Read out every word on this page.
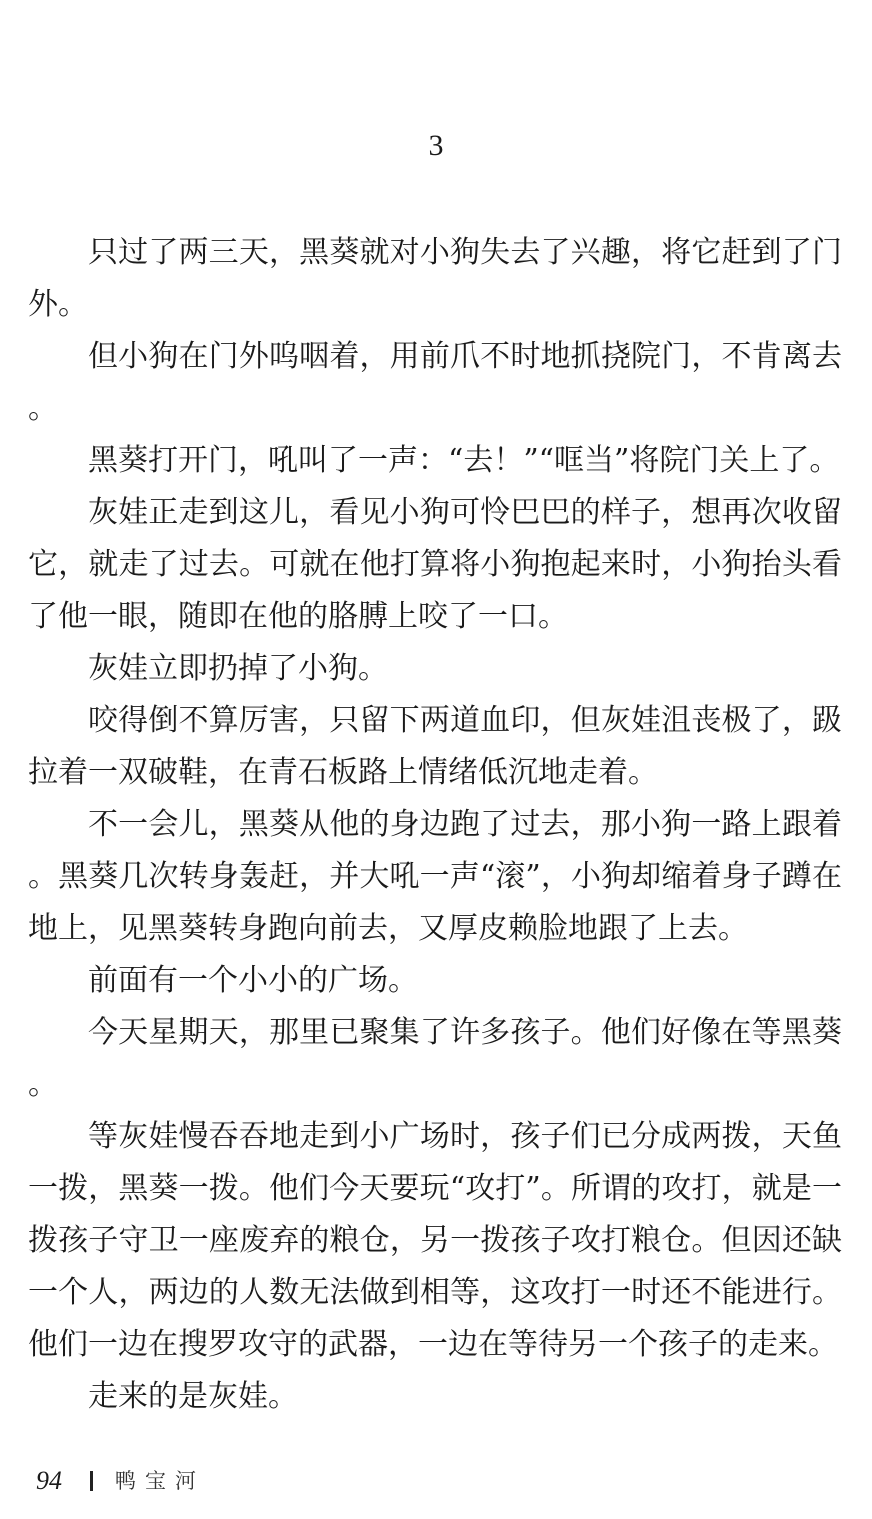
3

只过了两三天，黑葵就对小狗失去了兴趣，将它赶到了门外。

但小狗在门外呜咽着，用前爪不时地抓挠院门，不肯离去。

黑葵打开门，吼叫了一声：“去！”“哐当”将院门关上了。

灰娃正走到这儿，看见小狗可怜巴巴的样子，想再次收留它，就走了过去。可就在他打算将小狗抱起来时，小狗抬头看了他一眼，随即在他的胳膊上咬了一口。

灰娃立即扔掉了小狗。

咬得倒不算厉害，只留下两道血印，但灰娃沮丧极了，趿拉着一双破鞋，在青石板路上情绪低沉地走着。

不一会儿，黑葵从他的身边跑了过去，那小狗一路上跟着。黑葵几次转身轰赶，并大吼一声“滚”，小狗却缩着身子蹲在地上，见黑葵转身跑向前去，又厚皮赖脸地跟了上去。

前面有一个小小的广场。

今天星期天，那里已聚集了许多孩子。他们好像在等黑葵。

等灰娃慢吞吞地走到小广场时，孩子们已分成两拨，天鱼一拨，黑葵一拨。他们今天要玩“攻打”。所谓的攻打，就是一拨孩子守卫一座废弃的粮仓，另一拨孩子攻打粮仓。但因还缺一个人，两边的人数无法做到相等，这攻打一时还不能进行。他们一边在搜罗攻守的武器，一边在等待另一个孩子的走来。

走来的是灰娃。

94	鸭宝河
